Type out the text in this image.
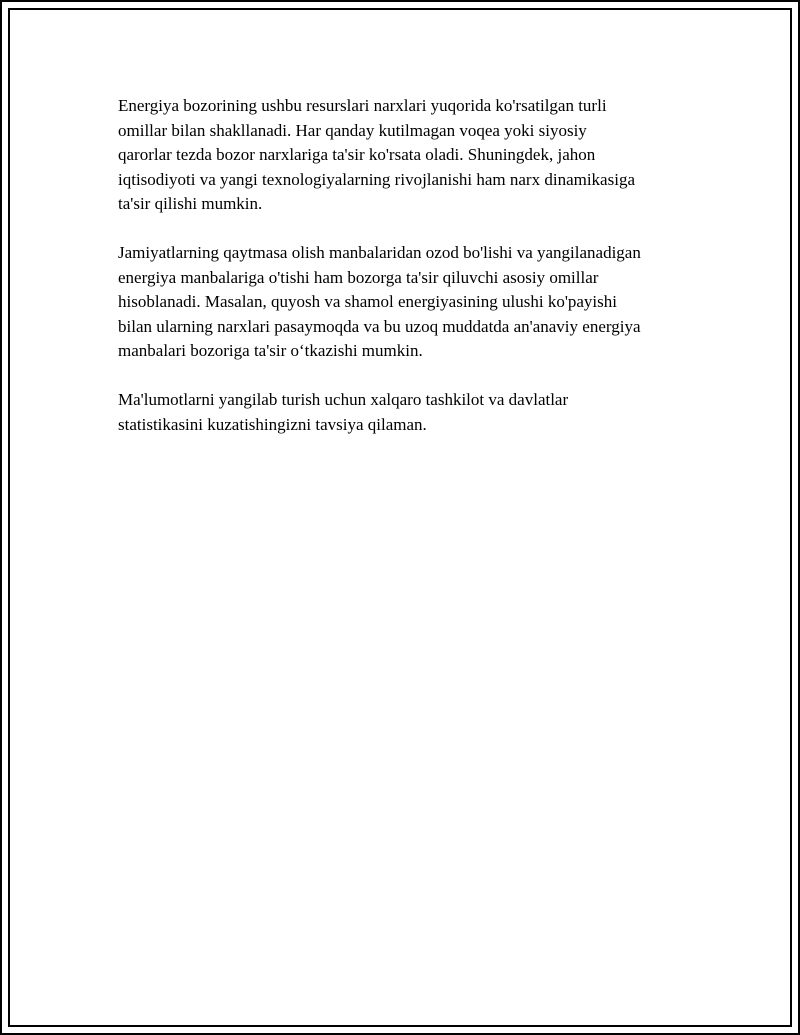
Energiya bozorining ushbu resurslari narxlari yuqorida ko'rsatilgan turli
omillar bilan shakllanadi. Har qanday kutilmagan voqea yoki siyosiy
qarorlar tezda bozor narxlariga ta'sir ko'rsata oladi. Shuningdek, jahon
iqtisodiyoti va yangi texnologiyalarning rivojlanishi ham narx dinamikasiga
ta'sir qilishi mumkin.

Jamiyatlarning qaytmasa olish manbalaridan ozod bo'lishi va yangilanadigan
energiya manbalariga o'tishi ham bozorga ta'sir qiluvchi asosiy omillar
hisoblanadi. Masalan, quyosh va shamol energiyasining ulushi ko'payishi
bilan ularning narxlari pasaymoqda va bu uzoq muddatda an'anaviy energiya
manbalari bozoriga ta'sir o‘tkazishi mumkin.

Ma'lumotlarni yangilab turish uchun xalqaro tashkilot va davlatlar
statistikasini kuzatishingizni tavsiya qilaman.
